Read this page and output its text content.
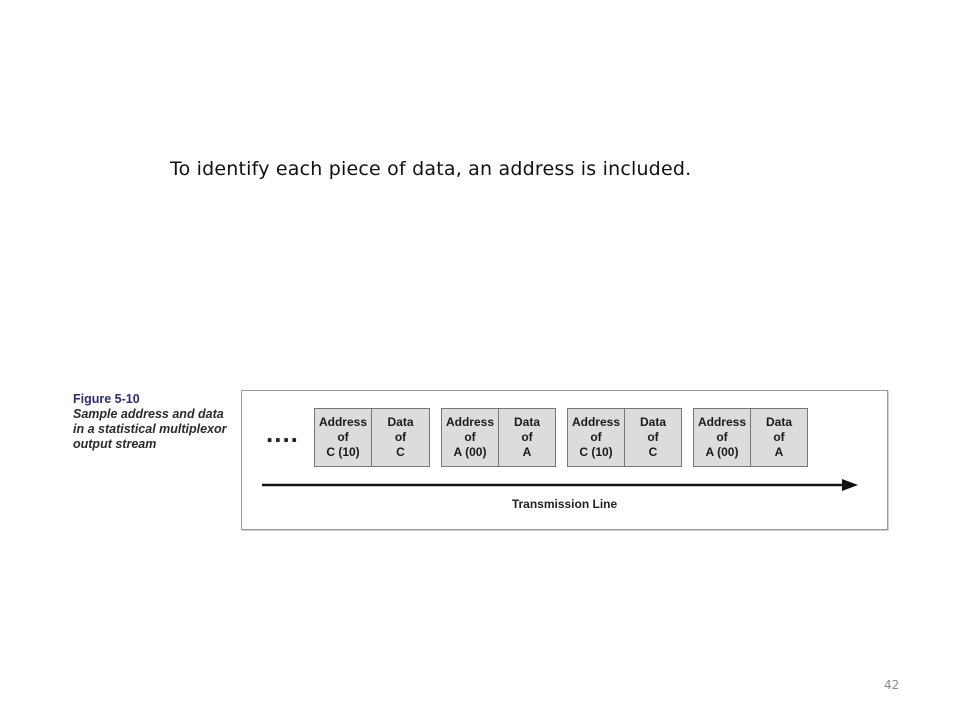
To identify each piece of data, an address is included.
Figure 5-10
Sample address and data in a statistical multiplexor output stream	....	Address
of
C (10)
Data
of
C
Address
of
A (00)
Data
of
A
Address
of
C (10)
Data
of
C
Address
of
A (00)
Data
of
A
Transmission Line
42
